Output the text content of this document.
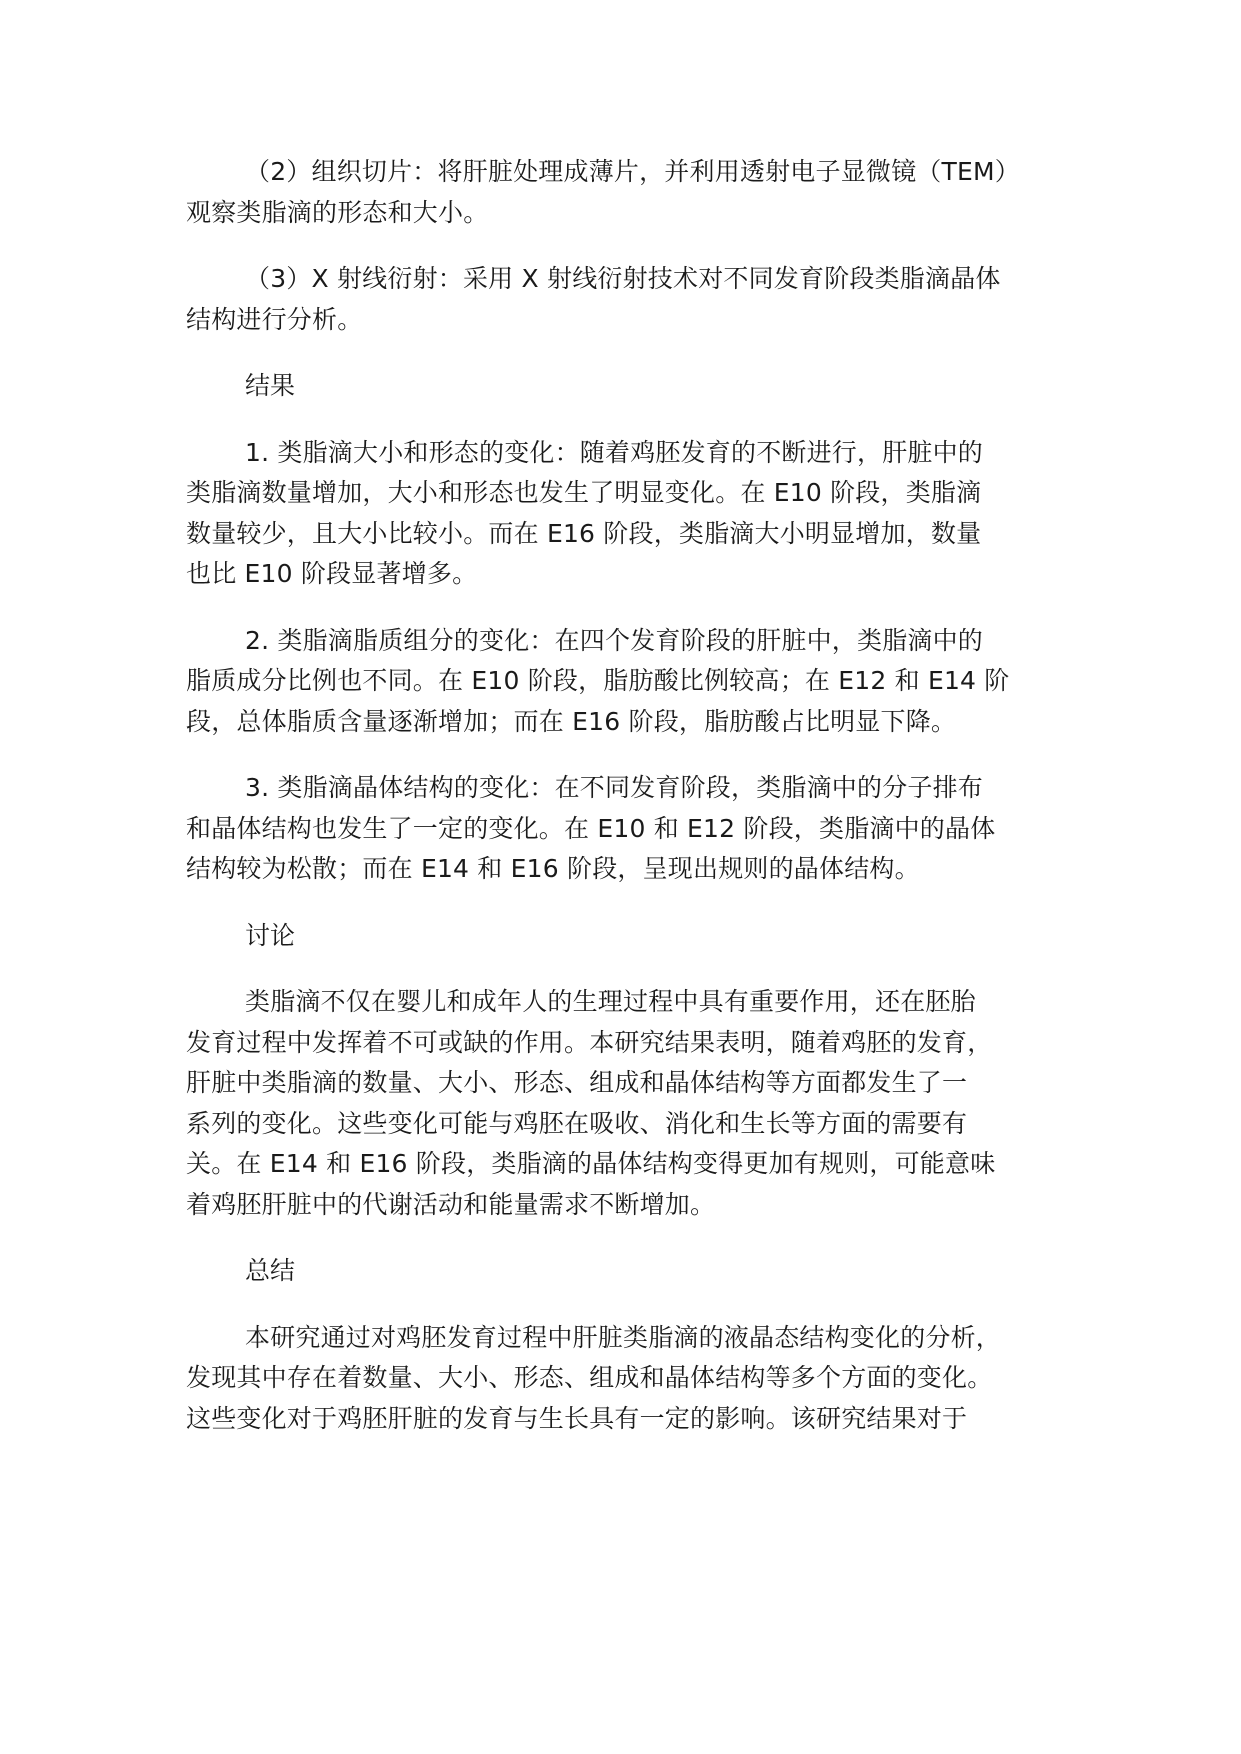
（2）组织切片：将肝脏处理成薄片，并利用透射电子显微镜（TEM）
观察类脂滴的形态和大小。

（3）X 射线衍射：采用 X 射线衍射技术对不同发育阶段类脂滴晶体
结构进行分析。

结果

1. 类脂滴大小和形态的变化：随着鸡胚发育的不断进行，肝脏中的
类脂滴数量增加，大小和形态也发生了明显变化。在 E10 阶段，类脂滴
数量较少，且大小比较小。而在 E16 阶段，类脂滴大小明显增加，数量
也比 E10 阶段显著增多。

2. 类脂滴脂质组分的变化：在四个发育阶段的肝脏中，类脂滴中的
脂质成分比例也不同。在 E10 阶段，脂肪酸比例较高；在 E12 和 E14 阶
段，总体脂质含量逐渐增加；而在 E16 阶段，脂肪酸占比明显下降。

3. 类脂滴晶体结构的变化：在不同发育阶段，类脂滴中的分子排布
和晶体结构也发生了一定的变化。在 E10 和 E12 阶段，类脂滴中的晶体
结构较为松散；而在 E14 和 E16 阶段，呈现出规则的晶体结构。

讨论

类脂滴不仅在婴儿和成年人的生理过程中具有重要作用，还在胚胎
发育过程中发挥着不可或缺的作用。本研究结果表明，随着鸡胚的发育，
肝脏中类脂滴的数量、大小、形态、组成和晶体结构等方面都发生了一
系列的变化。这些变化可能与鸡胚在吸收、消化和生长等方面的需要有
关。在 E14 和 E16 阶段，类脂滴的晶体结构变得更加有规则，可能意味
着鸡胚肝脏中的代谢活动和能量需求不断增加。

总结

本研究通过对鸡胚发育过程中肝脏类脂滴的液晶态结构变化的分析，
发现其中存在着数量、大小、形态、组成和晶体结构等多个方面的变化。
这些变化对于鸡胚肝脏的发育与生长具有一定的影响。该研究结果对于
